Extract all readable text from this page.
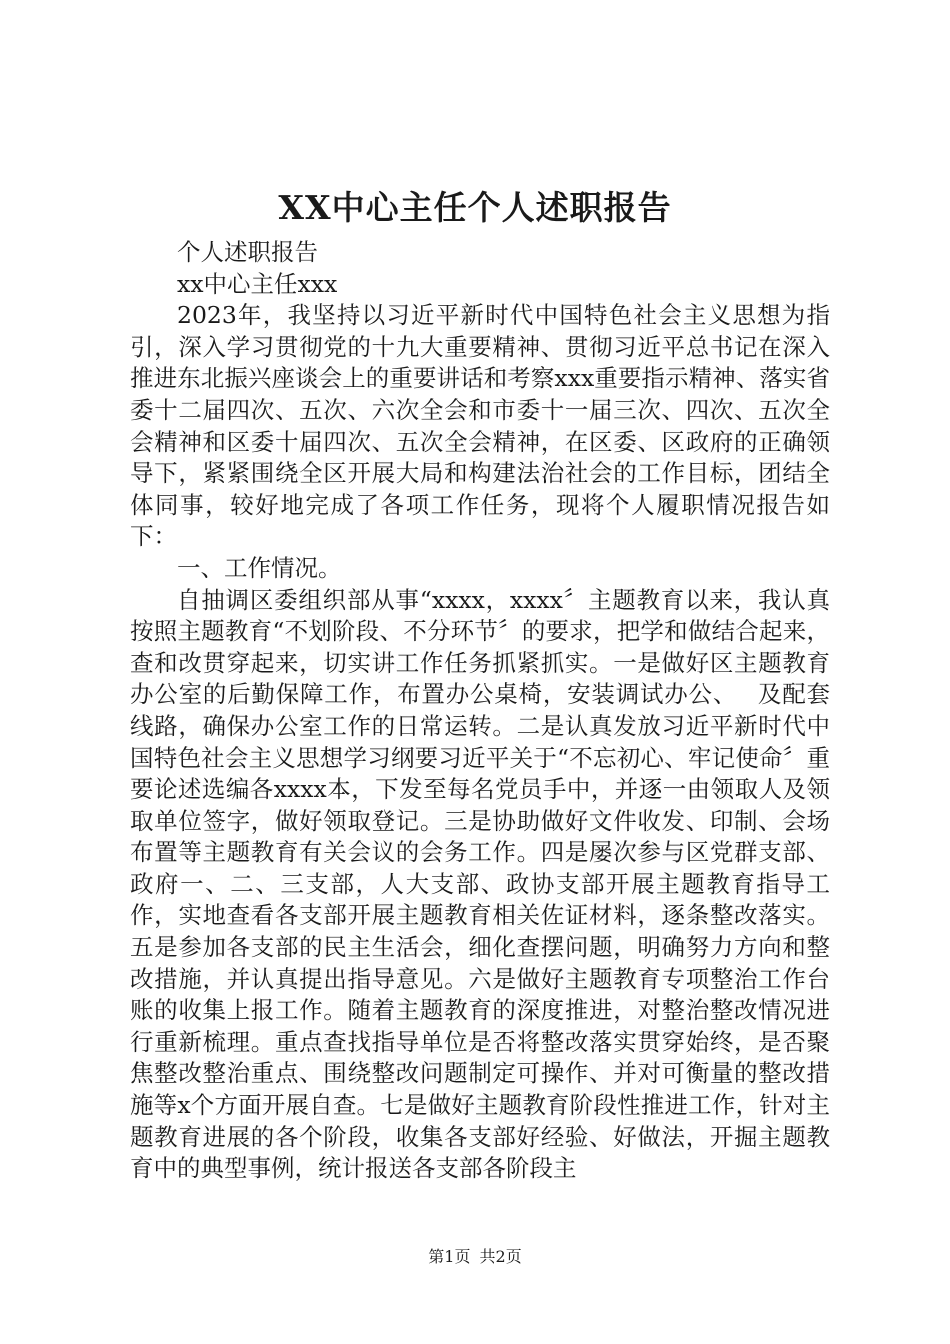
XX中心主任个人述职报告

个人述职报告

xx中心主任xxx

2023年，我坚持以习近平新时代中国特色社会主义思想为指引，深入学习贯彻党的十九大重要精神、贯彻习近平总书记在深入推进东北振兴座谈会上的重要讲话和考察xxx重要指示精神、落实省委十二届四次、五次、六次全会和市委十一届三次、四次、五次全会精神和区委十届四次、五次全会精神，在区委、区政府的正确领导下，紧紧围绕全区开展大局和构建法治社会的工作目标，团结全体同事，较好地完成了各项工作任务，现将个人履职情况报告如下：

一、工作情况。

自抽调区委组织部从事“xxxx，xxxx〞主题教育以来，我认真按照主题教育“不划阶段、不分环节〞的要求，把学和做结合起来，查和改贯穿起来，切实讲工作任务抓紧抓实。一是做好区主题教育办公室的后勤保障工作，布置办公桌椅，安装调试办公、　 及配套线路，确保办公室工作的日常运转。二是认真发放习近平新时代中国特色社会主义思想学习纲要习近平关于“不忘初心、牢记使命〞重要论述选编各xxxx本，下发至每名党员手中，并逐一由领取人及领取单位签字，做好领取登记。三是协助做好文件收发、印制、会场布置等主题教育有关会议的会务工作。四是屡次参与区党群支部、政府一、二、三支部，人大支部、政协支部开展主题教育指导工作，实地查看各支部开展主题教育相关佐证材料，逐条整改落实。五是参加各支部的民主生活会，细化查摆问题，明确努力方向和整改措施，并认真提出指导意见。六是做好主题教育专项整治工作台账的收集上报工作。随着主题教育的深度推进，对整治整改情况进行重新梳理。重点查找指导单位是否将整改落实贯穿始终，是否聚焦整改整治重点、围绕整改问题制定可操作、并对可衡量的整改措施等x个方面开展自查。七是做好主题教育阶段性推进工作，针对主题教育进展的各个阶段，收集各支部好经验、好做法，开掘主题教育中的典型事例，统计报送各支部各阶段主

第1页 共2页
